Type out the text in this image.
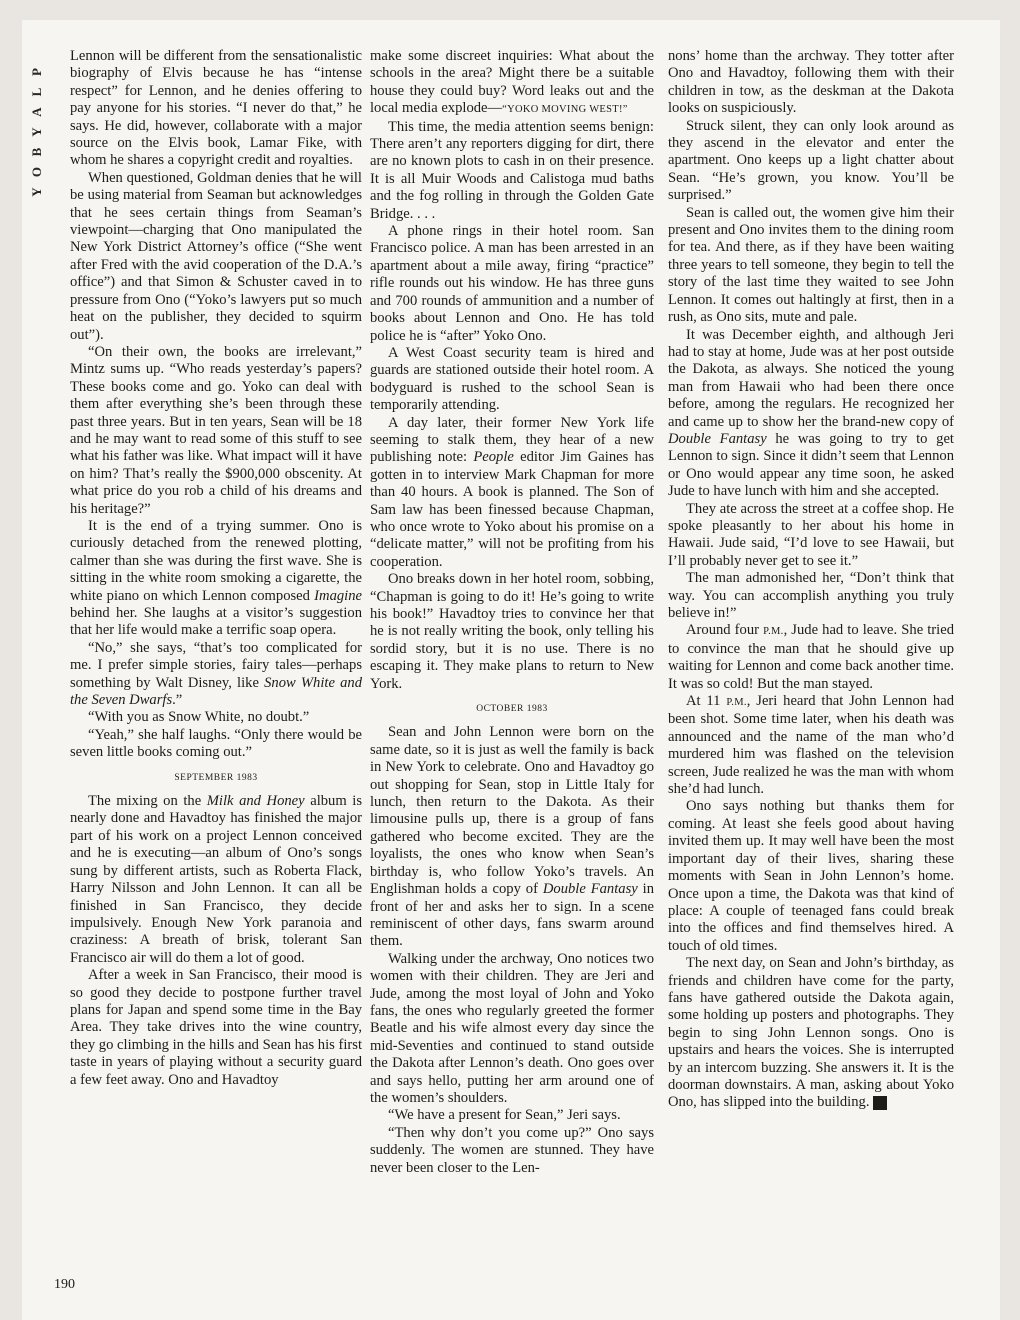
P
L
A
Y
B
O
Y
190

Lennon will be different from the sensationalistic biography of Elvis because he has “intense respect” for Lennon, and he denies offering to pay anyone for his stories. “I never do that,” he says. He did, however, collaborate with a major source on the Elvis book, Lamar Fike, with whom he shares a copyright credit and royalties.

When questioned, Goldman denies that he will be using material from Seaman but acknowledges that he sees certain things from Seaman’s viewpoint—charging that Ono manipulated the New York District Attorney’s office (“She went after Fred with the avid cooperation of the D.A.’s office”) and that Simon & Schuster caved in to pressure from Ono (“Yoko’s lawyers put so much heat on the publisher, they decided to squirm out”).

“On their own, the books are irrelevant,” Mintz sums up. “Who reads yesterday’s papers? These books come and go. Yoko can deal with them after everything she’s been through these past three years. But in ten years, Sean will be 18 and he may want to read some of this stuff to see what his father was like. What impact will it have on him? That’s really the $900,000 obscenity. At what price do you rob a child of his dreams and his heritage?”

It is the end of a trying summer. Ono is curiously detached from the renewed plotting, calmer than she was during the first wave. She is sitting in the white room smoking a cigarette, the white piano on which Lennon composed Imagine behind her. She laughs at a visitor’s suggestion that her life would make a terrific soap opera.

“No,” she says, “that’s too complicated for me. I prefer simple stories, fairy tales—perhaps something by Walt Disney, like Snow White and the Seven Dwarfs.”

“With you as Snow White, no doubt.”

“Yeah,” she half laughs. “Only there would be seven little books coming out.”

SEPTEMBER 1983

The mixing on the Milk and Honey album is nearly done and Havadtoy has finished the major part of his work on a project Lennon conceived and he is executing—an album of Ono’s songs sung by different artists, such as Roberta Flack, Harry Nilsson and John Lennon. It can all be finished in San Francisco, they decide impulsively. Enough New York paranoia and craziness: A breath of brisk, tolerant San Francisco air will do them a lot of good.

After a week in San Francisco, their mood is so good they decide to postpone further travel plans for Japan and spend some time in the Bay Area. They take drives into the wine country, they go climbing in the hills and Sean has his first taste in years of playing without a security guard a few feet away. Ono and Havadtoy

make some discreet inquiries: What about the schools in the area? Might there be a suitable house they could buy? Word leaks out and the local media explode—“YOKO MOVING WEST!”

This time, the media attention seems benign: There aren’t any reporters digging for dirt, there are no known plots to cash in on their presence. It is all Muir Woods and Calistoga mud baths and the fog rolling in through the Golden Gate Bridge. . . .

A phone rings in their hotel room. San Francisco police. A man has been arrested in an apartment about a mile away, firing “practice” rifle rounds out his window. He has three guns and 700 rounds of ammunition and a number of books about Lennon and Ono. He has told police he is “after” Yoko Ono.

A West Coast security team is hired and guards are stationed outside their hotel room. A bodyguard is rushed to the school Sean is temporarily attending.

A day later, their former New York life seeming to stalk them, they hear of a new publishing note: People editor Jim Gaines has gotten in to interview Mark Chapman for more than 40 hours. A book is planned. The Son of Sam law has been finessed because Chapman, who once wrote to Yoko about his promise on a “delicate matter,” will not be profiting from his cooperation.

Ono breaks down in her hotel room, sobbing, “Chapman is going to do it! He’s going to write his book!” Havadtoy tries to convince her that he is not really writing the book, only telling his sordid story, but it is no use. There is no escaping it. They make plans to return to New York.

OCTOBER 1983

Sean and John Lennon were born on the same date, so it is just as well the family is back in New York to celebrate. Ono and Havadtoy go out shopping for Sean, stop in Little Italy for lunch, then return to the Dakota. As their limousine pulls up, there is a group of fans gathered who become excited. They are the loyalists, the ones who know when Sean’s birthday is, who follow Yoko’s travels. An Englishman holds a copy of Double Fantasy in front of her and asks her to sign. In a scene reminiscent of other days, fans swarm around them.

Walking under the archway, Ono notices two women with their children. They are Jeri and Jude, among the most loyal of John and Yoko fans, the ones who regularly greeted the former Beatle and his wife almost every day since the mid-Seventies and continued to stand outside the Dakota after Lennon’s death. Ono goes over and says hello, putting her arm around one of the women’s shoulders.

“We have a present for Sean,” Jeri says.

“Then why don’t you come up?” Ono says suddenly. The women are stunned. They have never been closer to the Len-

nons’ home than the archway. They totter after Ono and Havadtoy, following them with their children in tow, as the deskman at the Dakota looks on suspiciously.

Struck silent, they can only look around as they ascend in the elevator and enter the apartment. Ono keeps up a light chatter about Sean. “He’s grown, you know. You’ll be surprised.”

Sean is called out, the women give him their present and Ono invites them to the dining room for tea. And there, as if they have been waiting three years to tell someone, they begin to tell the story of the last time they waited to see John Lennon. It comes out haltingly at first, then in a rush, as Ono sits, mute and pale.

It was December eighth, and although Jeri had to stay at home, Jude was at her post outside the Dakota, as always. She noticed the young man from Hawaii who had been there once before, among the regulars. He recognized her and came up to show her the brand-new copy of Double Fantasy he was going to try to get Lennon to sign. Since it didn’t seem that Lennon or Ono would appear any time soon, he asked Jude to have lunch with him and she accepted.

They ate across the street at a coffee shop. He spoke pleasantly to her about his home in Hawaii. Jude said, “I’d love to see Hawaii, but I’ll probably never get to see it.”

The man admonished her, “Don’t think that way. You can accomplish anything you truly believe in!”

Around four P.M., Jude had to leave. She tried to convince the man that he should give up waiting for Lennon and come back another time. It was so cold! But the man stayed.

At 11 P.M., Jeri heard that John Lennon had been shot. Some time later, when his death was announced and the name of the man who’d murdered him was flashed on the television screen, Jude realized he was the man with whom she’d had lunch.

Ono says nothing but thanks them for coming. At least she feels good about having invited them up. It may well have been the most important day of their lives, sharing these moments with Sean in John Lennon’s home. Once upon a time, the Dakota was that kind of place: A couple of teenaged fans could break into the offices and find themselves hired. A touch of old times.

The next day, on Sean and John’s birthday, as friends and children have come for the party, fans have gathered outside the Dakota again, some holding up posters and photographs. They begin to sing John Lennon songs. Ono is upstairs and hears the voices. She is interrupted by an intercom buzzing. She answers it. It is the doorman downstairs. A man, asking about Yoko Ono, has slipped into the building. ◆
